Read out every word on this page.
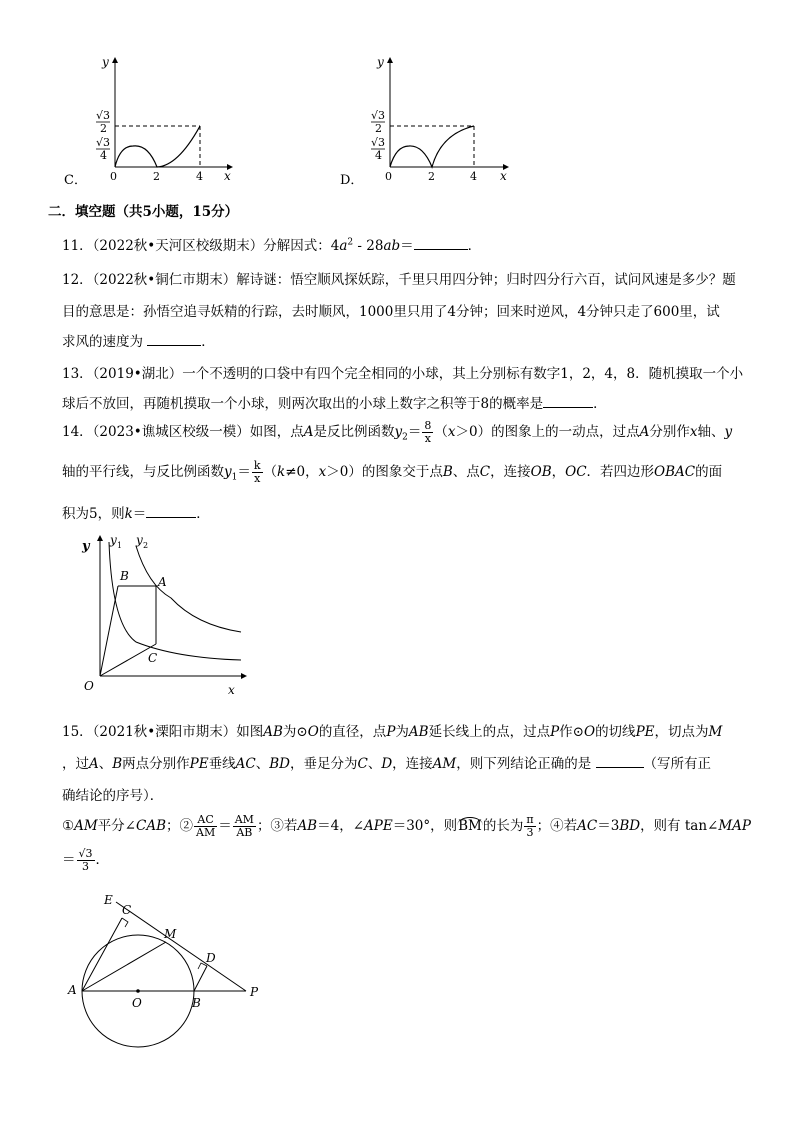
y
x
√3
2
√3
4
0	2	4
C．
y
x
√3
2
√3
4
0	2	4
D．
二．填空题（共5小题，15分）
11．（2022秋•天河区校级期末）分解因式：$4a^2 - 28ab=$	．
12．（2022秋•铜仁市期末）解诗谜：悟空顺风探妖踪，千里只用四分钟；归时四分行六百，试问风速是多少？题
目的意思是：孙悟空追寻妖精的行踪，去时顺风，1000里只用了4分钟；回来时逆风，4分钟只走了600里，试
求风的速度为	．
13．（2019•湖北）一个不透明的口袋中有四个完全相同的小球，其上分别标有数字1，2，4，8．随机摸取一个小
球后不放回，再随机摸取一个小球，则两次取出的小球上数字之积等于8的概率是	．
14．（2023•谯城区校级一模）如图，点A是反比例函数$y_2= \frac{8}{x} (x>0)$的图象上的一动点，过点A分别作x轴、y
轴的平行线，与反比例函数$y_1= \frac{k}{x} (k\ne 0$，x＞0）的图象交于点B、点C，连接OB，OC．若四边形OBAC的面
积为5，则k＝	．
y y 1 y 2
B A
C
O	x
15．（2021秋•溧阳市期末）如图AB为⊙O的直径，点P为AB延长线上的点，过点P作⊙O的切线PE，切点为M
，过A、B两点分别作PE垂线AC、BD，垂足分为C、D，连接AM，则下列结论正确的是	（写所有正
确结论的序号）．
①AM平分∠CAB；② $\frac{AC}{AM} = \frac{AM}{AB}$ ；③若AB＝4，∠APE＝30°，则BM的长为 $\frac{\pi}{3}$ ；④若AC＝3BD，则有 tan∠MAP
＝ $\frac{√3}{3}$ ．
E
C
M
D
A
O	B
P
